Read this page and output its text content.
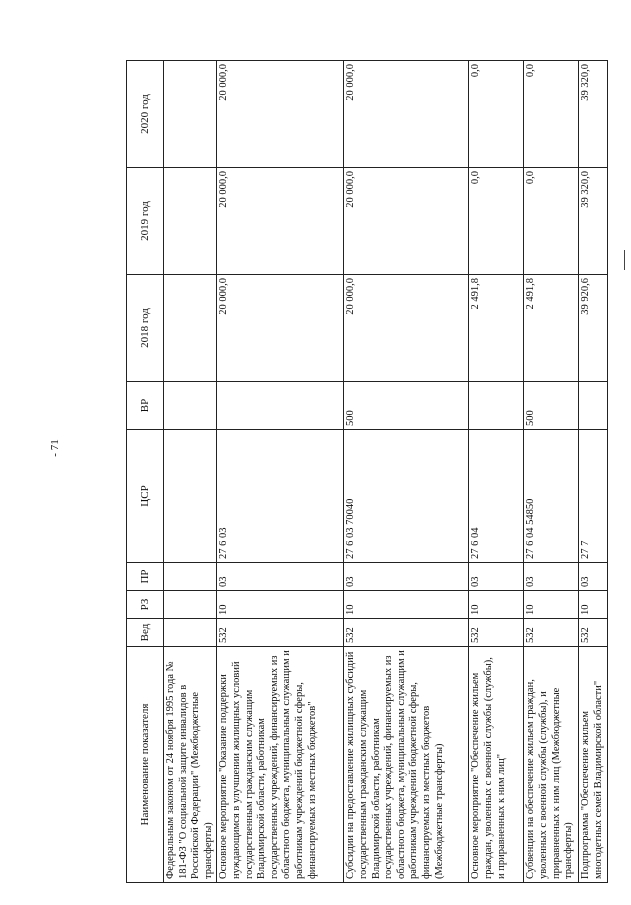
- 71
Наименование показателя	Вед	РЗ	ПР	ЦСР	ВР	2018 год	2019 год	2020 год
Федеральным законом от 24 ноября 1995 года № 181-ФЗ "О социальной защите инвалидов в Российской Федерации" (Межбюджетные трансферты)								
Основное мероприятие "Оказание поддержки нуждающимся в улучшении жилищных условий государственным гражданским служащим Владимирской области, работникам государственных учреждений, финансируемых из областного бюджета, муниципальным служащим и работникам учреждений бюджетной сферы, финансируемых из местных бюджетов"	532	10	03	27 6 03		20 000,0	20 000,0	20 000,0
Субсидии на предоставление жилищных субсидий государственным гражданским служащим Владимирской области, работникам государственных учреждений, финансируемых из областного бюджета, муниципальным служащим и работникам учреждений бюджетной сферы, финансируемых из местных бюджетов (Межбюджетные трансферты)	532	10	03	27 6 03 70040	500	20 000,0	20 000,0	20 000,0
Основное мероприятие "Обеспечение жильем граждан, уволенных с военной службы (службы), и приравненных к ним лиц"	532	10	03	27 6 04		2 491,8	0,0	0,0
Субвенции на обеспечение жильем граждан, уволенных с военной службы (службы), и приравненных к ним лиц (Межбюджетные трансферты)	532	10	03	27 6 04 54850	500	2 491,8	0,0	0,0
Подпрограмма "Обеспечение жильем многодетных семей Владимирской области"	532	10	03	27 7		39 920,6	39 320,0	39 320,0
